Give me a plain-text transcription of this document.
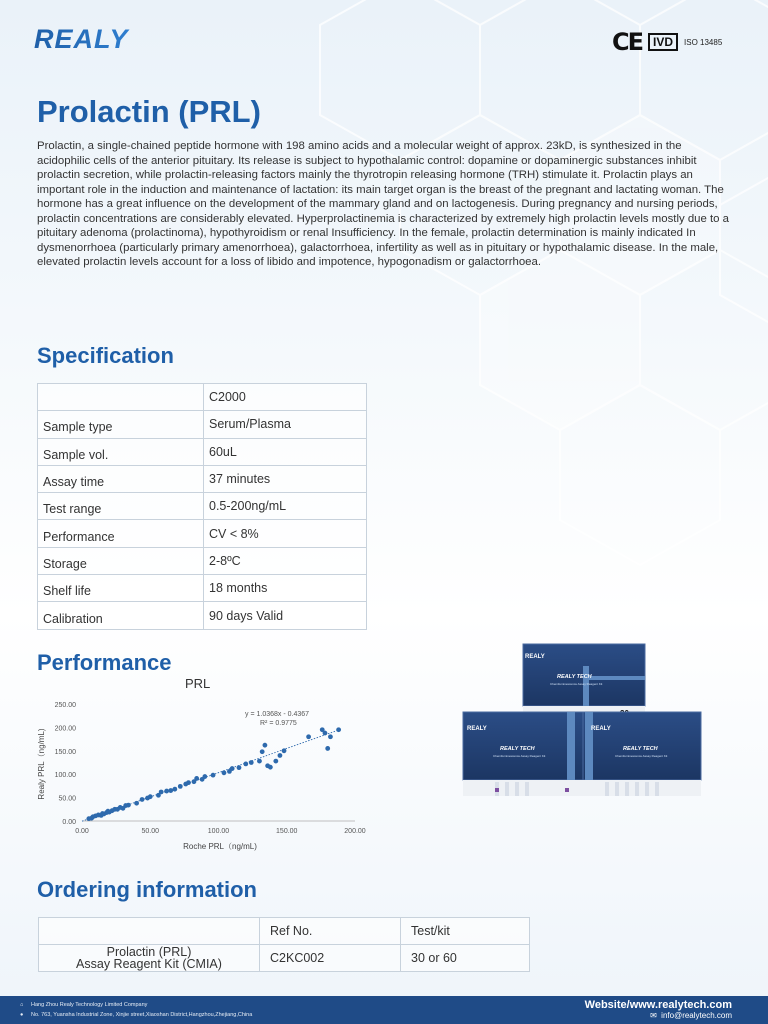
REALY	CE IVD	ISO 13485
Prolactin (PRL)

Prolactin, a single-chained peptide hormone with 198 amino acids and a molecular weight of approx. 23kD, is synthesized in the acidophilic cells of the anterior pituitary. Its release is subject to hypothalamic control: dopamine or dopaminergic substances inhibit prolactin secretion, while prolactin-releasing factors mainly the thyrotropin releasing hormone (TRH) stimulate it. Prolactin plays an important role in the induction and maintenance of lactation: its main target organ is the breast of the pregnant and lactating woman. The hormone has a great influence on the development of the mammary gland and on lactogenesis. During pregnancy and nursing periods, prolactin concentrations are considerably elevated. Hyperprolactinemia is characterized by extremely high prolactin levels mostly due to a pituitary adenoma (prolactinoma), hypothyroidism or renal Insufficiency. In the female, prolactin determination is mainly indicated In dysmenorrhoea (particularly primary amenorrhoea), galactorrhoea, infertility as well as in pituitary or hypothalamic disease. In the male, elevated prolactin levels account for a loss of libido and impotence, hypogonadism or galactorrhoea.

Specification
	C2000
Sample type	Serum/Plasma
Sample vol.	60uL
Assay time	37 minutes
Test range	0.5-200ng/mL
Performance	CV < 8%
Storage	2-8ºC
Shelf life	18 months
Calibration	90 days Valid
Performance
PRL
0.00
50.00
100.00
150.00
200.00
250.00
0.00	50.00	100.00	150.00	200.00
y = 1.0368x - 0.4367
R² = 0.9775
Roche PRL（ng/mL)
Realy PRL（ng/mL)
REALY
REALY TECH
Chemiluminescence Assay Reagent Kit
REALY
REALY TECH
Chemiluminescence Assay Reagent Kit
REALY
REALY TECH
Chemiluminescence Assay Reagent Kit
Ordering information
	Ref No.	Test/kit

Prolactin (PRL)
Assay Reagent Kit (CMIA)	C2KC002	30 or 60
⌂ Hang Zhou Realy Technology Limited Company
● No. 763, Yuansha Industrial Zone, Xinjie street,Xiaoshan District,Hangzhou,Zhejiang,China
Website/www.realytech.com
✉ info@realytech.com
